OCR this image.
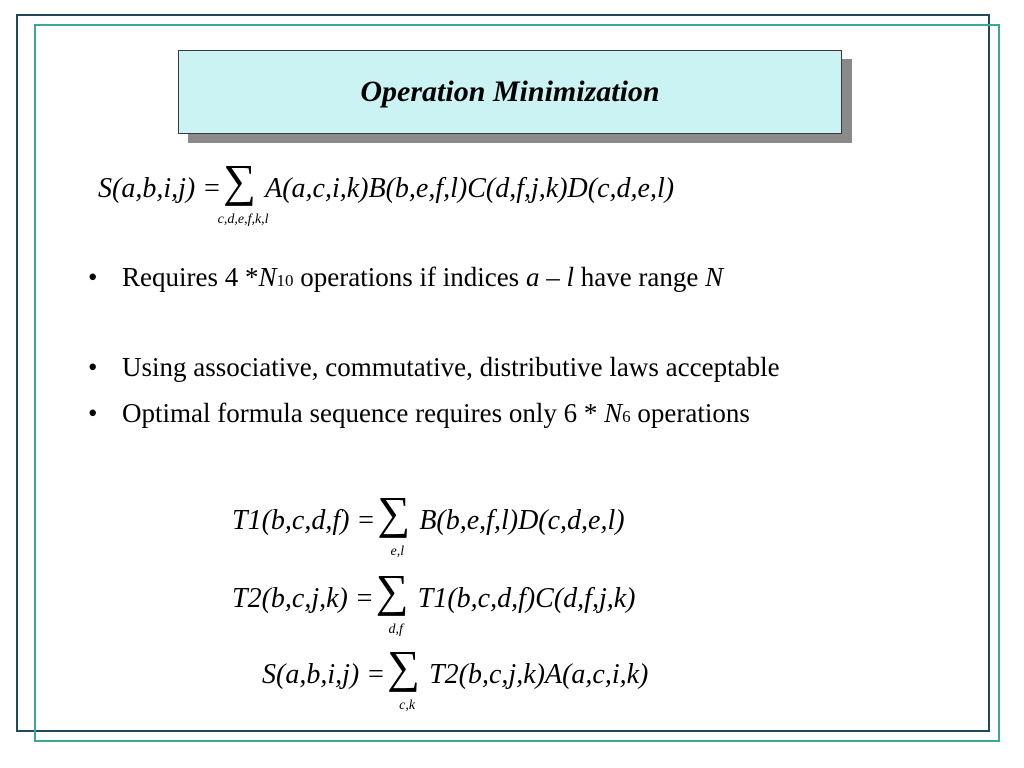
Operation Minimization
S(a,b,i,j) = ∑
c,d,e,f,k,l
A(a,c,i,k)B(b,e,f,l)C(d,f,j,k)D(c,d,e,l)
• Requires 4 * N 10 operations if indices a – l have range N
• Using associative, commutative, distributive laws acceptable
• Optimal formula sequence requires only 6 * N 6 operations
T1(b,c,d,f) = ∑
e,l
B(b,e,f,l)D(c,d,e,l)
T2(b,c,j,k) = ∑
d,f
T1(b,c,d,f)C(d,f,j,k)
S(a,b,i,j) = ∑
c,k
T2(b,c,j,k)A(a,c,i,k)
